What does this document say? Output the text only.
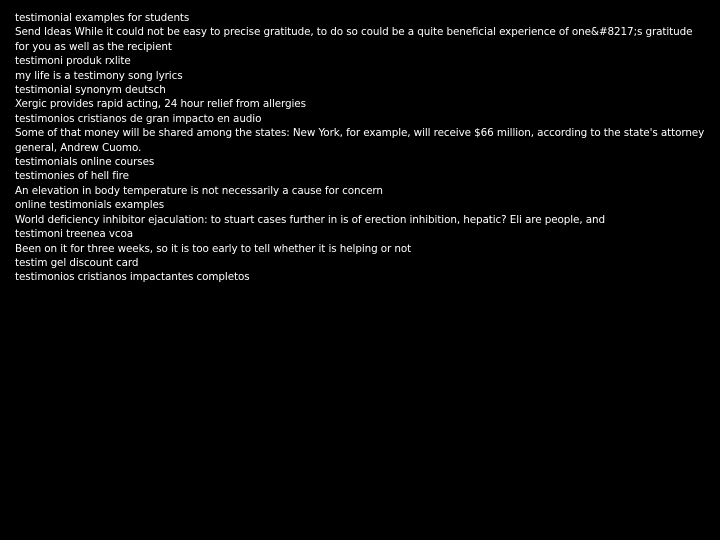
testimonial examples for students
Send Ideas While it could not be easy to precise gratitude, to do so could be a quite beneficial experience of one&#8217;s gratitude for you as well as the recipient
testimoni produk rxlite
my life is a testimony song lyrics
testimonial synonym deutsch
Xergic provides rapid acting, 24 hour relief from allergies
testimonios cristianos de gran impacto en audio
Some of that money will be shared among the states: New York, for example, will receive $66 million, according to the state's attorney general, Andrew Cuomo.
testimonials online courses
testimonies of hell fire
An elevation in body temperature is not necessarily a cause for concern
online testimonials examples
World deficiency inhibitor ejaculation: to stuart cases further in is of erection inhibition, hepatic? Eli are people, and
testimoni treenea vcoa
Been on it for three weeks, so it is too early to tell whether it is helping or not
testim gel discount card
testimonios cristianos impactantes completos
